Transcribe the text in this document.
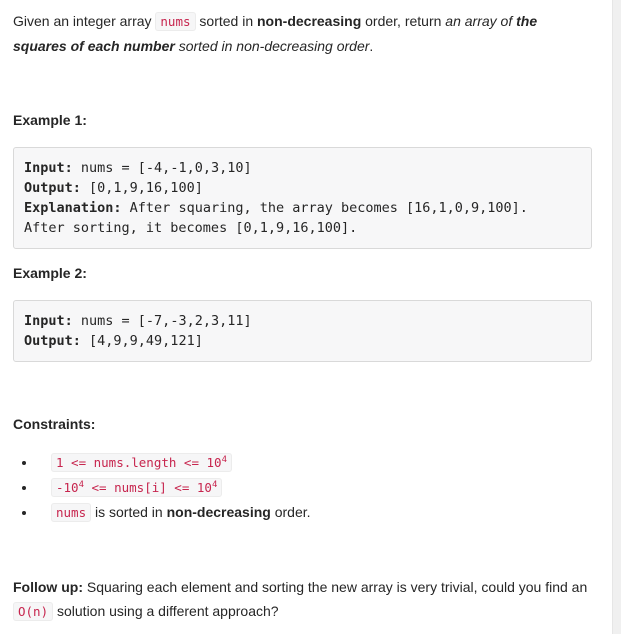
Given an integer array nums sorted in non-decreasing order, return an array of the squares of each number sorted in non-decreasing order.

Example 1:
Input: nums = [-4,-1,0,3,10]
Output: [0,1,9,16,100]
Explanation: After squaring, the array becomes [16,1,0,9,100].
After sorting, it becomes [0,1,9,16,100].
Example 2:
Input: nums = [-7,-3,2,3,11]
Output: [4,9,9,49,121]
Constraints:
• 1 <= nums.length <= $10^4$
• $-10^4$ <= nums[i] <= $10^4$
• nums is sorted in non-decreasing order.

Follow up: Squaring each element and sorting the new array is very trivial, could you find an O(n) solution using a different approach?
